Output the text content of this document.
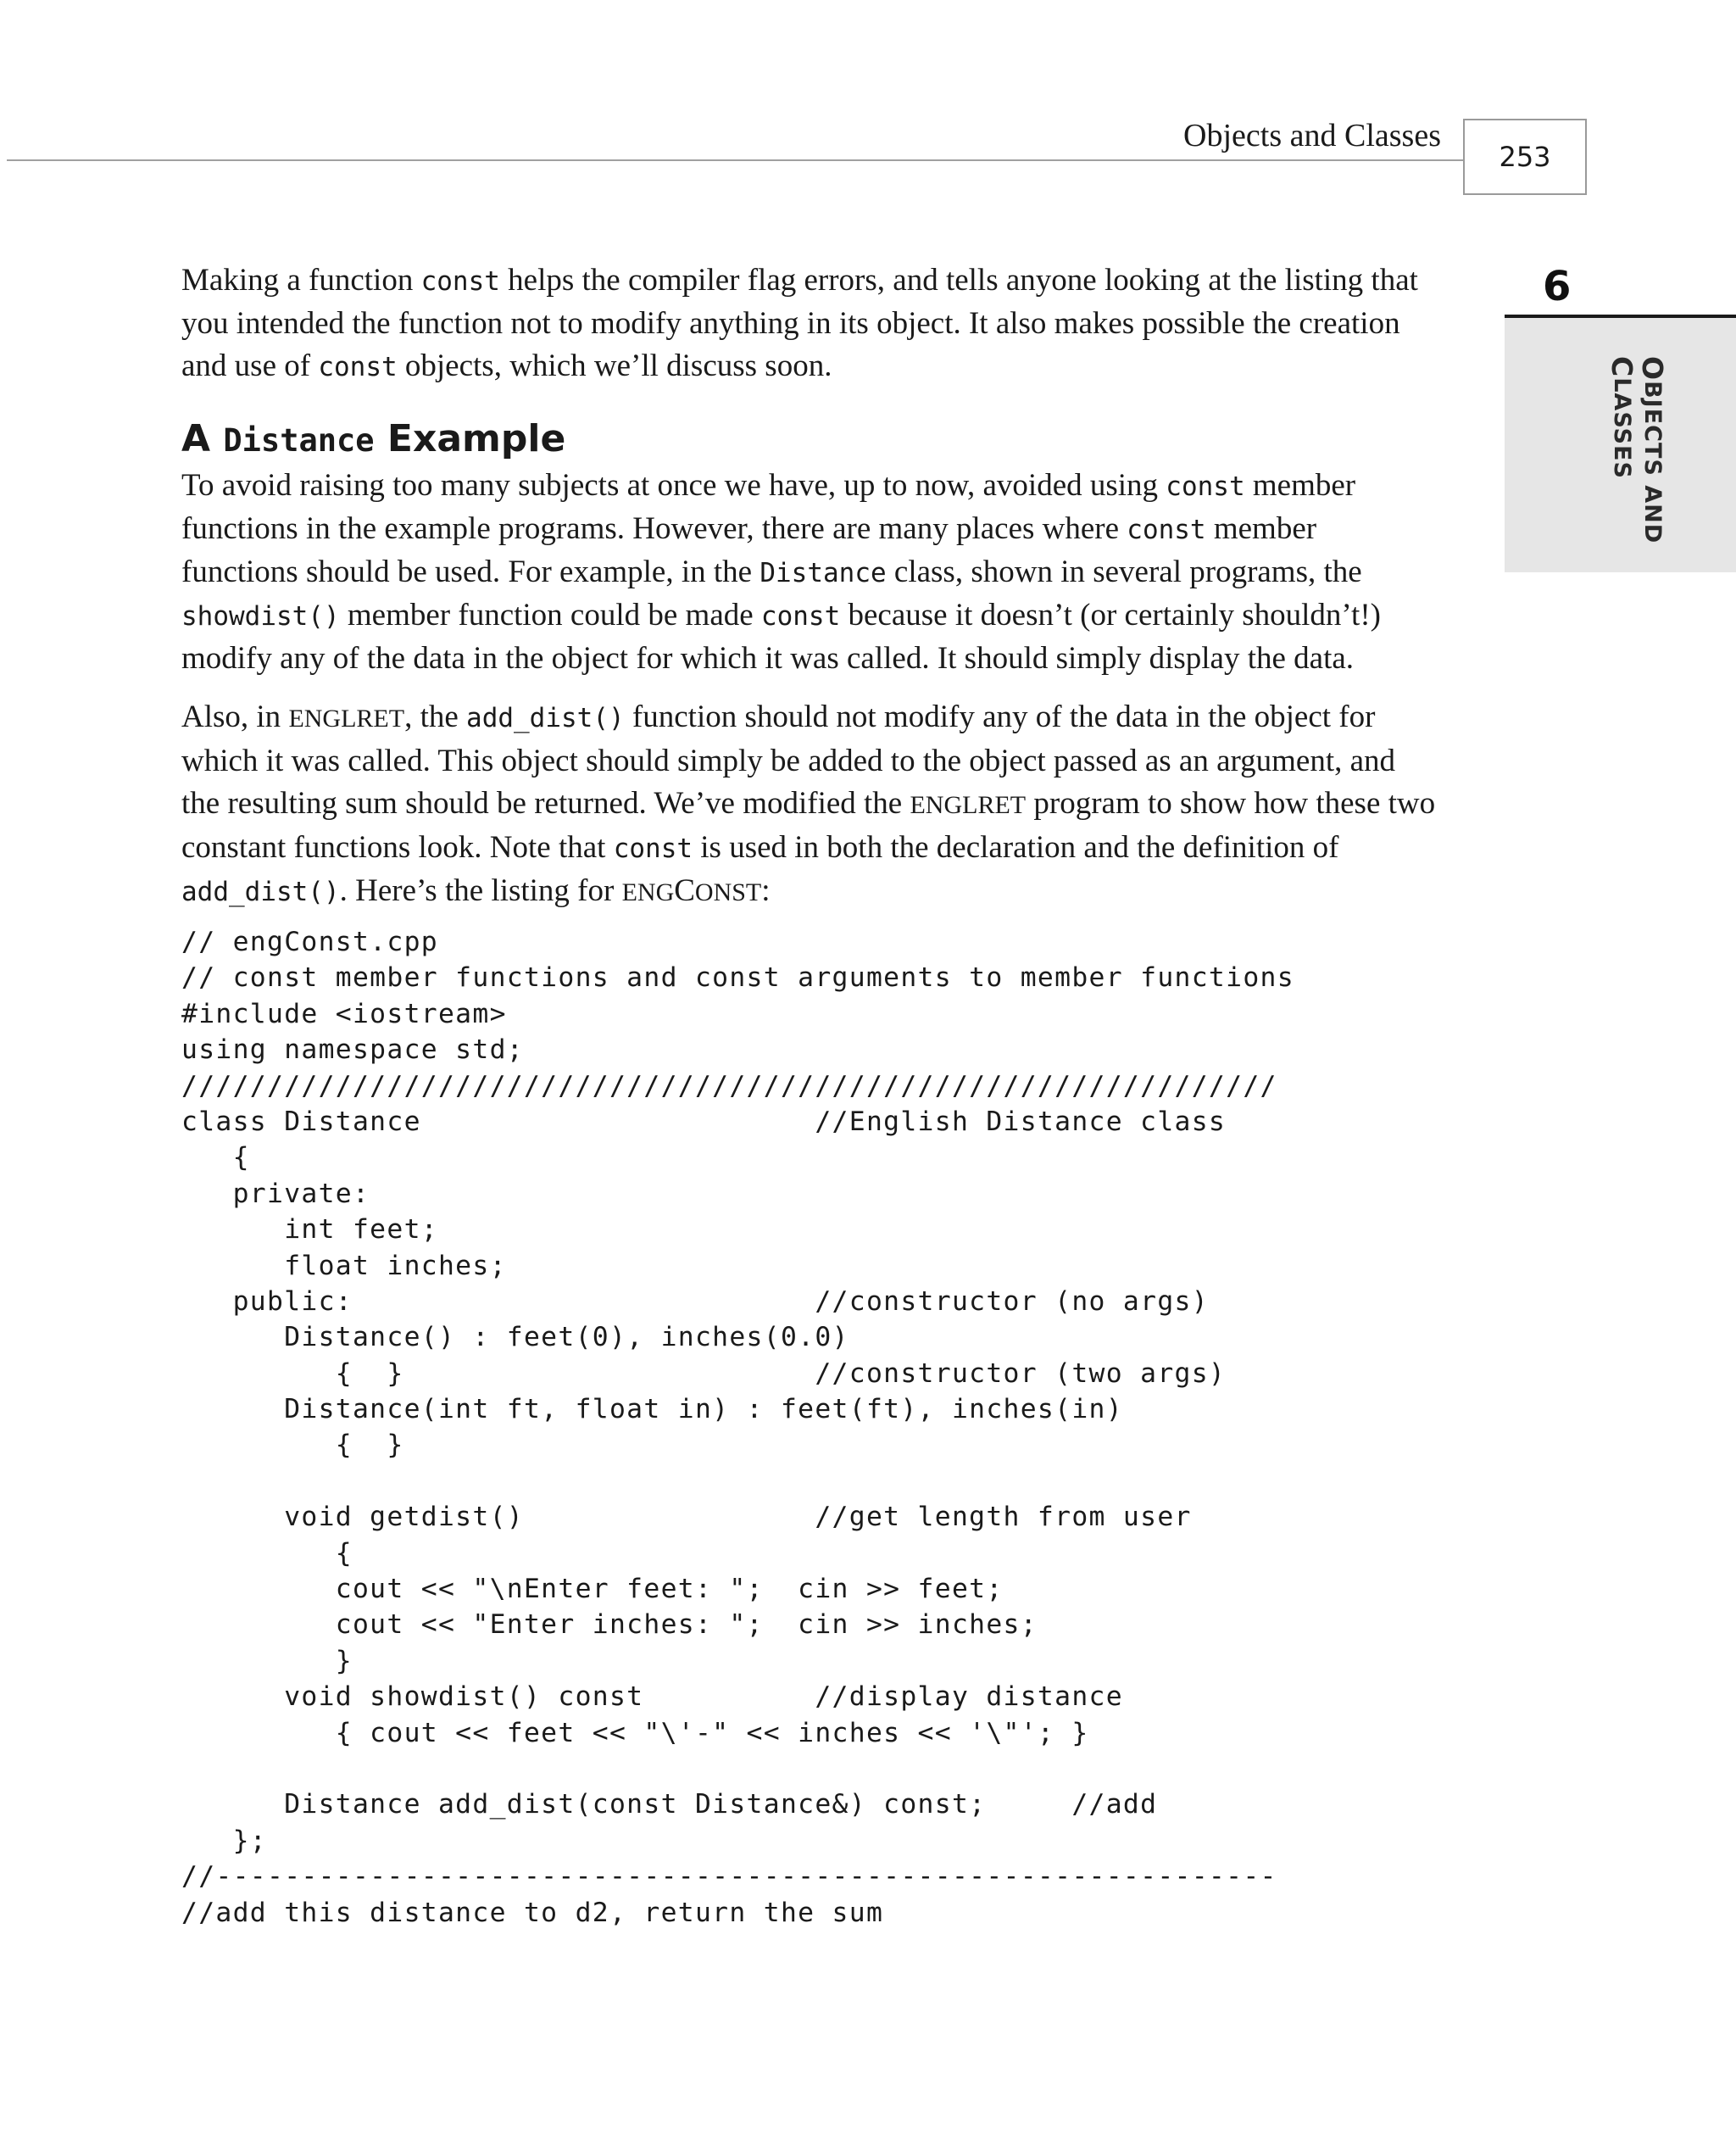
Objects and Classes
253
6
OBJECTS AND
CLASSES

Making a function const helps the compiler flag errors, and tells anyone looking at the listing that you intended the function not to modify anything in its object. It also makes possible the creation and use of const objects, which we’ll discuss soon.

A Distance Example

To avoid raising too many subjects at once we have, up to now, avoided using const member functions in the example programs. However, there are many places where const member functions should be used. For example, in the Distance class, shown in several programs, the showdist() member function could be made const because it doesn’t (or certainly shouldn’t!) modify any of the data in the object for which it was called. It should simply display the data.

Also, in ENGLRET, the add_dist() function should not modify any of the data in the object for which it was called. This object should simply be added to the object passed as an argument, and the resulting sum should be returned. We’ve modified the ENGLRET program to show how these two constant functions look. Note that const is used in both the declaration and the definition of add_dist(). Here’s the listing for ENGCONST:

// engConst.cpp
// const member functions and const arguments to member functions
#include <iostream>
using namespace std;
////////////////////////////////////////////////////////////////
class Distance                       //English Distance class
{
private:
int feet;
float inches;
public:                           //constructor (no args)
Distance() : feet(0), inches(0.0)
{  }                        //constructor (two args)
Distance(int ft, float in) : feet(ft), inches(in)
{  }
void getdist()                 //get length from user
{
cout << "\nEnter feet: ";  cin >> feet;
cout << "Enter inches: ";  cin >> inches;
}
void showdist() const          //display distance
{ cout << feet << "\'-" << inches << '\"'; }
Distance add_dist(const Distance&) const;     //add
};
//--------------------------------------------------------------
//add this distance to d2, return the sum
